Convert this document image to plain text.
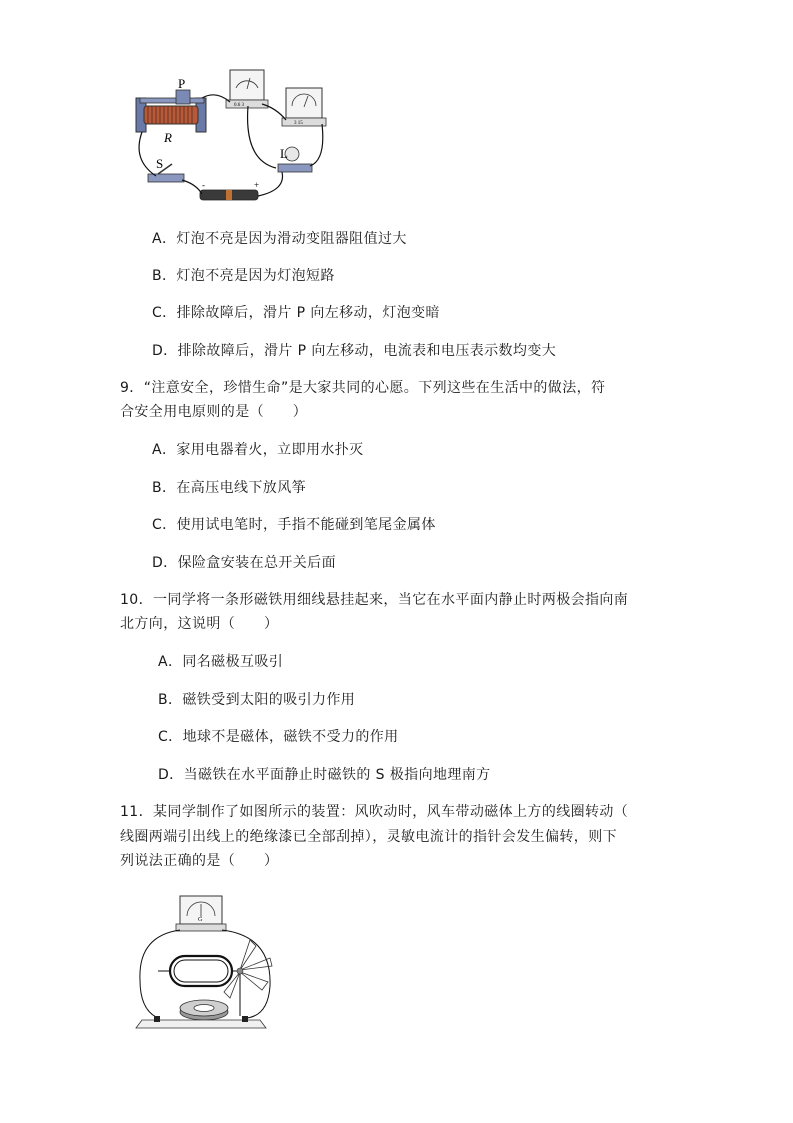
P
R
0.6 3
3 15
L
S
-	+
A．灯泡不亮是因为滑动变阻器阻值过大
B．灯泡不亮是因为灯泡短路
C．排除故障后，滑片 P 向左移动，灯泡变暗
D．排除故障后，滑片 P 向左移动，电流表和电压表示数均变大
9．“注意安全，珍惜生命”是大家共同的心愿。下列这些在生活中的做法，符
合安全用电原则的是（　　）
A．家用电器着火，立即用水扑灭
B．在高压电线下放风筝
C．使用试电笔时，手指不能碰到笔尾金属体
D．保险盒安装在总开关后面
10．一同学将一条形磁铁用细线悬挂起来，当它在水平面内静止时两极会指向南
北方向，这说明（　　）
A．同名磁极互吸引
B．磁铁受到太阳的吸引力作用
C．地球不是磁体，磁铁不受力的作用
D．当磁铁在水平面静止时磁铁的 S 极指向地理南方
11．某同学制作了如图所示的装置：风吹动时，风车带动磁体上方的线圈转动（
线圈两端引出线上的绝缘漆已全部刮掉），灵敏电流计的指针会发生偏转，则下
列说法正确的是（　　）
G
